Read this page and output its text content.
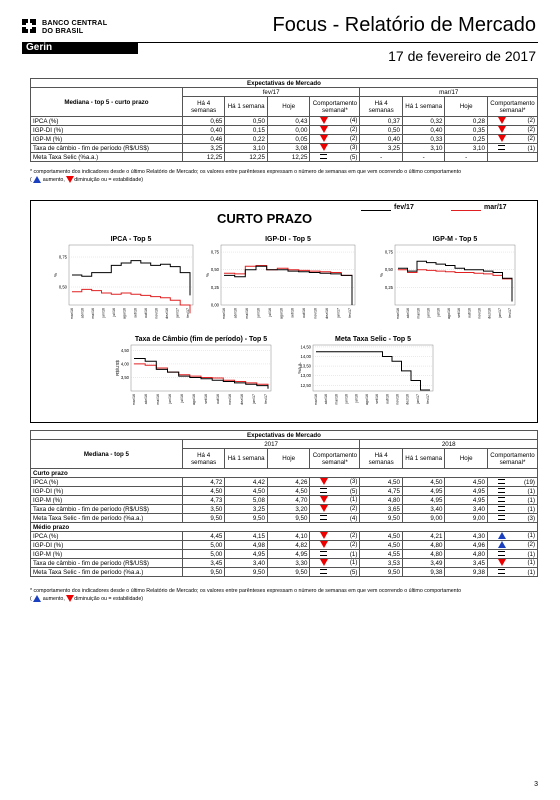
BANCO CENTRAL
DO BRASIL
Gerin
Focus - Relatório de Mercado
17 de fevereiro de 2017
Expectativas de Mercado								
Mediana - top 5 - curto prazo	fev/17				mar/17			
	Há 4 semanas	Há 1 semana	Hoje	Comportamento semanal*	Há 4 semanas	Há 1 semana	Hoje	Comportamento semanal*
IPCA (%)	0,65	0,50	0,43	(4)	0,37	0,32	0,28	(2)

IGP-DI (%)	0,40	0,15	0,00	(2)	0,50	0,40	0,35	(2)

IGP-M (%)	0,46	0,22	0,05	(2)	0,40	0,33	0,25	(2)

Taxa de câmbio - fim de período (R$/US$)	3,25	3,10	3,08	(3)	3,25	3,10	3,10	(1)

Meta Taxa Selic (%a.a.)	12,25	12,25	12,25	(5)	-	-	-	
* comportamento dos indicadores desde o último Relatório de Mercado; os valores entre parênteses expressam o número de semanas em que vem ocorrendo o último comportamento
(  aumento, diminuição ou = estabilidade)
CURTO PRAZO
fev/17	mar/17
IPCA - Top 5
%
0,75
0,50
mar/16 abr/16 mai/16 jun/16 jul/16 ago/16 set/16 out/16 nov/16 dez/16 jan/17 fev/17
IGP-DI - Top 5
%
0,75
0,50
0,25
0,00
mar/16 abr/16 mai/16 jun/16 jul/16 ago/16 set/16 out/16 nov/16 dez/16 jan/17 fev/17
IGP-M - Top 5
%
0,75
0,50
0,25
mar/16 abr/16 mai/16 jun/16 jul/16 ago/16 set/16 out/16 nov/16 dez/16 jan/17 fev/17
Taxa de Câmbio (fim de período) - Top 5
R$/US$
4,50
4,00
3,50
mar/16 abr/16 mai/16 jun/16 jul/16 ago/16 set/16 out/16 nov/16 dez/16 jan/17 fev/17
Meta Taxa Selic - Top 5
%a.a.
14,50
14,00
13,50
13,00
12,50
mar/16 abr/16 mai/16 jun/16 jul/16 ago/16 set/16 out/16 nov/16 dez/16 jan/17 fev/17
Expectativas de Mercado								
Mediana - top 5	2017				2018			
	Há 4 semanas	Há 1 semana	Hoje	Comportamento semanal*	Há 4 semanas	Há 1 semana	Hoje	Comportamento semanal*
Curto prazo								
IPCA (%)	4,72	4,42	4,26	(3)	4,50	4,50	4,50	(19)

IGP-DI (%)	4,50	4,50	4,50	(5)	4,75	4,95	4,95	(1)

IGP-M (%)	4,73	5,08	4,70	(1)	4,80	4,95	4,95	(1)

Taxa de câmbio - fim de período (R$/US$)	3,50	3,25	3,20	(2)	3,65	3,40	3,40	(1)

Meta Taxa Selic - fim de período (%a.a.)	9,50	9,50	9,50	(4)	9,50	9,00	9,00	(3)

Médio prazo								
IPCA (%)	4,45	4,15	4,10	(2)	4,50	4,21	4,30	(1)

IGP-DI (%)	5,00	4,98	4,82	(2)	4,50	4,80	4,96	(2)

IGP-M (%)	5,00	4,95	4,95	(1)	4,55	4,80	4,80	(1)

Taxa de câmbio - fim de período (R$/US$)	3,45	3,40	3,30	(1)	3,53	3,49	3,45	(1)

Meta Taxa Selic - fim de período (%a.a.)	9,50	9,50	9,50	(5)	9,50	9,38	9,38	(1)
* comportamento dos indicadores desde o último Relatório de Mercado; os valores entre parênteses expressam o número de semanas em que vem ocorrendo o último comportamento
(  aumento, diminuição ou = estabilidade)
3
